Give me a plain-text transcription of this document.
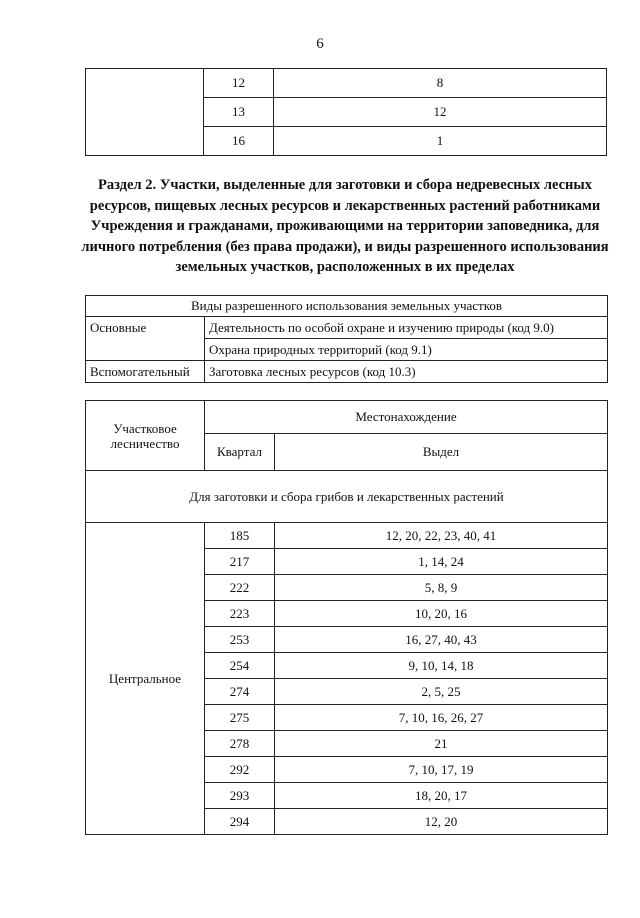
6
	12	8
	13	12
	16	1
Раздел 2. Участки, выделенные для заготовки и сбора недревесных лесных ресурсов, пищевых лесных ресурсов и лекарственных растений работниками Учреждения и гражданами, проживающими на территории заповедника, для личного потребления (без права продажи), и виды разрешенного использования земельных участков, расположенных в их пределах
Виды разрешенного использования земельных участков	
Основные	Деятельность по особой охране и изучению природы (код 9.0)
	Охрана природных территорий (код 9.1)
Вспомогательный	Заготовка лесных ресурсов (код 10.3)
Участковое лесничество	Местонахождение	
	Квартал	Выдел
Для заготовки и сбора грибов и лекарственных растений		
Центральное	185	12, 20, 22, 23, 40, 41
	217	1, 14, 24
	222	5, 8, 9
	223	10, 20, 16
	253	16, 27, 40, 43
	254	9, 10, 14, 18
	274	2, 5, 25
	275	7, 10, 16, 26, 27
	278	21
	292	7, 10, 17, 19
	293	18, 20, 17
	294	12, 20
